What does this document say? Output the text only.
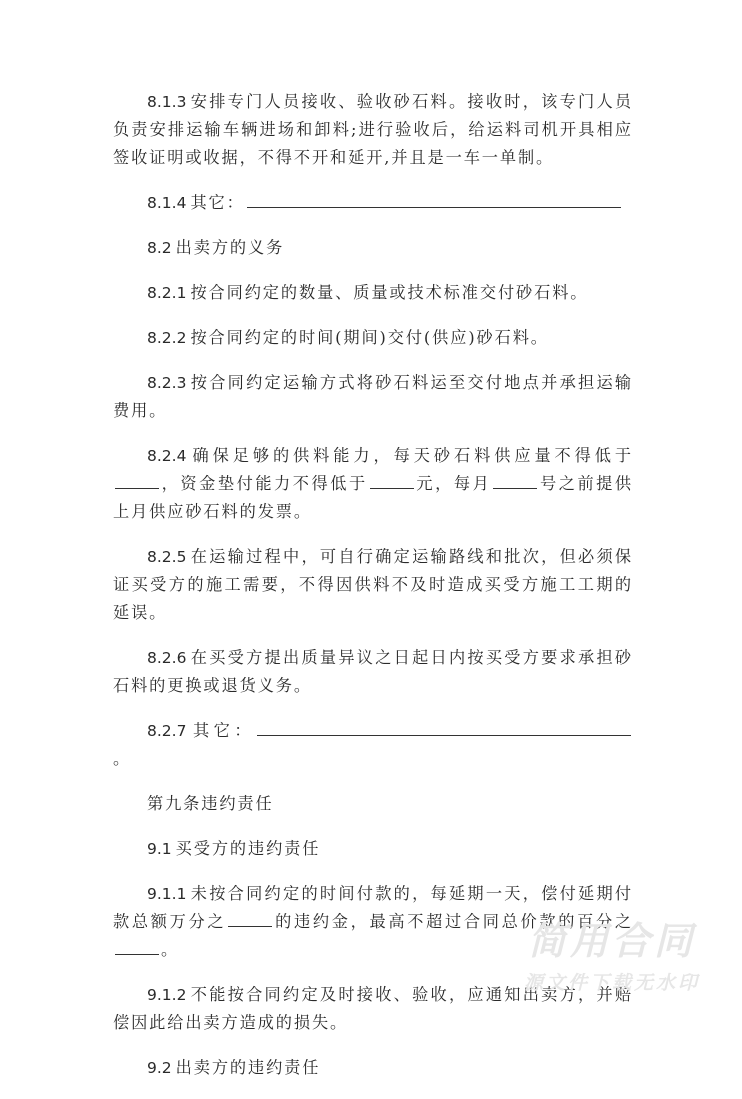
8.1.3 安排专门人员接收、验收砂石料。接收时，该专门人员负责安排运输车辆进场和卸料;进行验收后，给运料司机开具相应签收证明或收据，不得不开和延开,并且是一车一单制。

8.1.4 其它：

8.2 出卖方的义务

8.2.1 按合同约定的数量、质量或技术标准交付砂石料。

8.2.2 按合同约定的时间(期间)交付(供应)砂石料。

8.2.3 按合同约定运输方式将砂石料运至交付地点并承担运输费用。

8.2.4 确保足够的供料能力，每天砂石料供应量不得低于，资金垫付能力不得低于	元，每月	号之前提供上月供应砂石料的发票。

8.2.5 在运输过程中，可自行确定运输路线和批次，但必须保证买受方的施工需要，不得因供料不及时造成买受方施工工期的延误。

8.2.6 在买受方提出质量异议之日起日内按买受方要求承担砂石料的更换或退货义务。

8.2.7 其它：。

第九条违约责任

9.1 买受方的违约责任

9.1.1 未按合同约定的时间付款的，每延期一天，偿付延期付款总额万分之	的违约金，最高不超过合同总价款的百分之。

9.1.2 不能按合同约定及时接收、验收，应通知出卖方，并赔偿因此给出卖方造成的损失。

9.2 出卖方的违约责任

简用合同
源文件下载无水印
